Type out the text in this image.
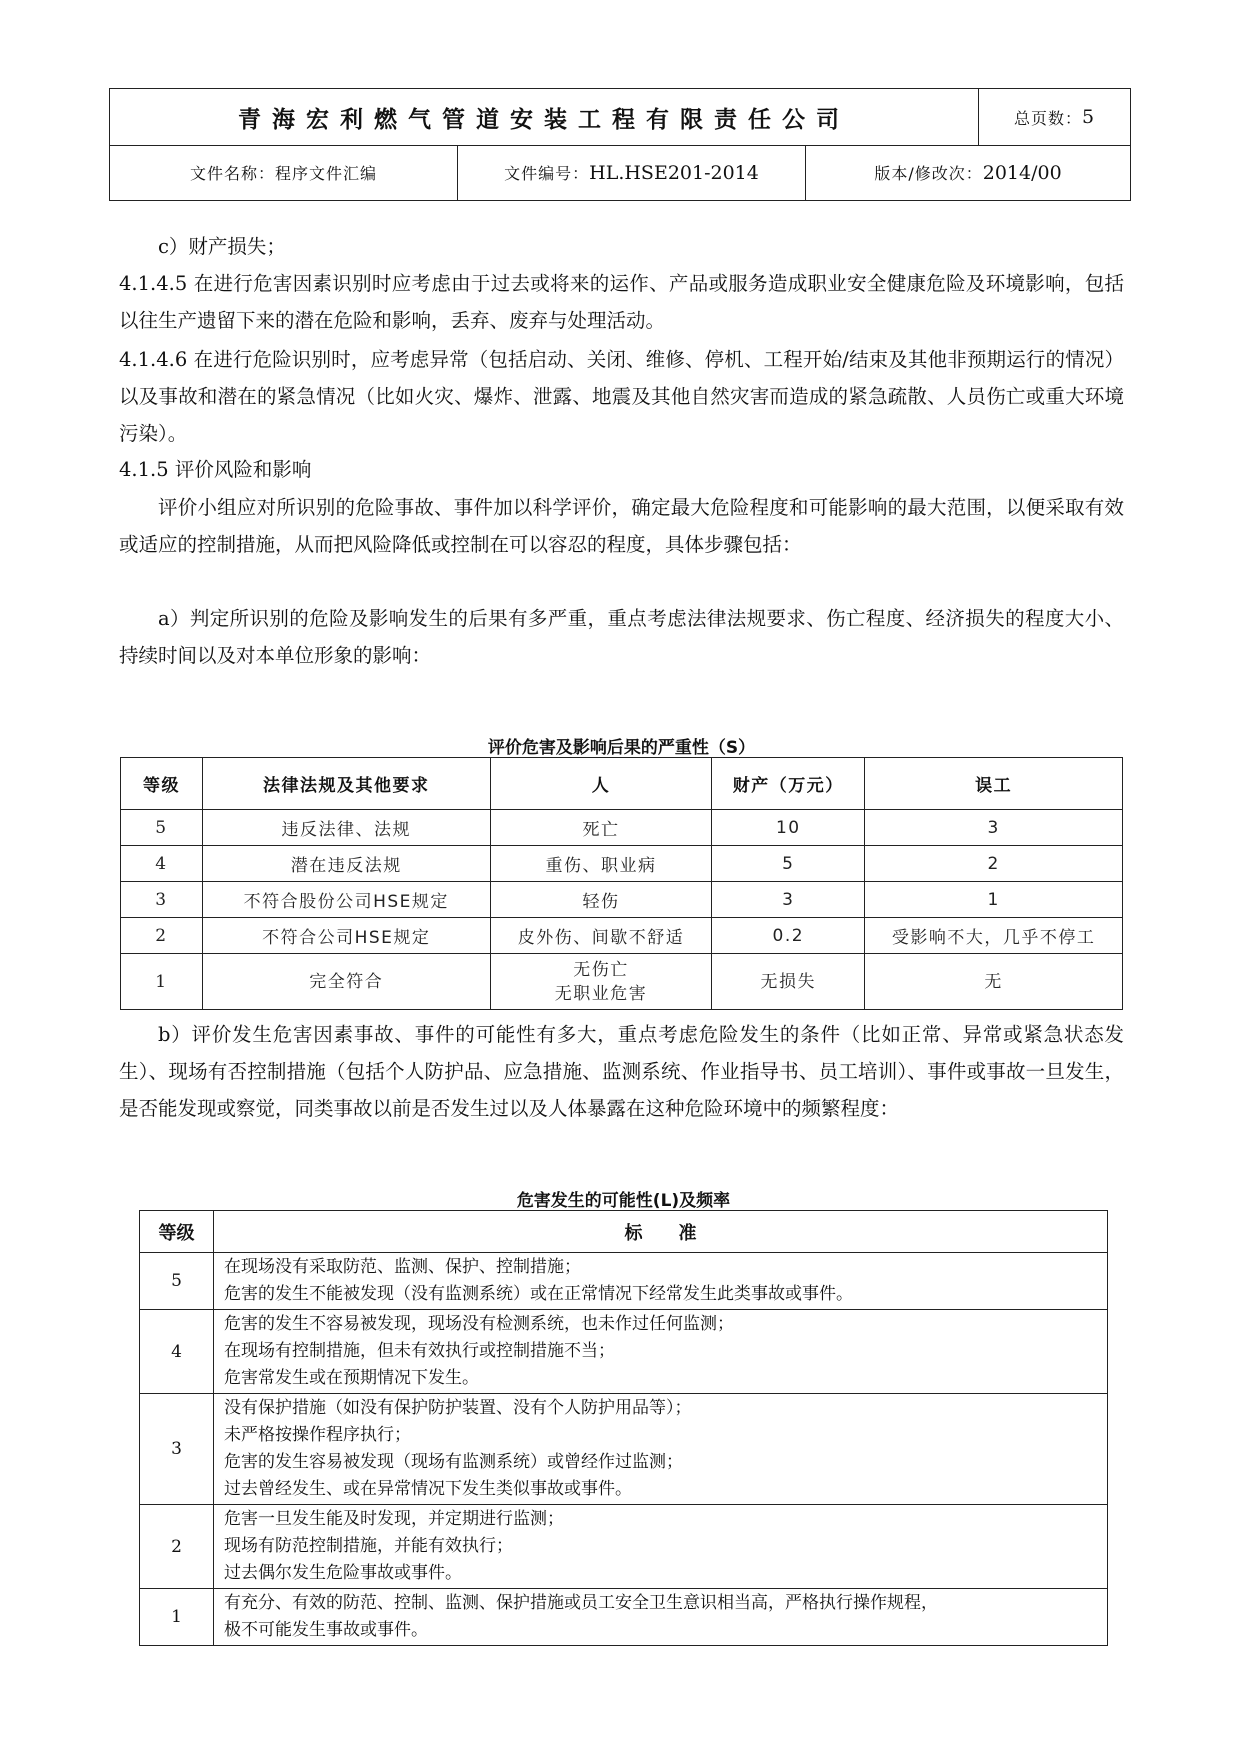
青海宏利燃气管道安装工程有限责任公司	总页数： 5
文件名称： 程序文件汇编	文件编号： HL.HSE201-2014	版本/修改次： 2014/00

c）财产损失；

4.1.4.5 在进行危害因素识别时应考虑由于过去或将来的运作、产品或服务造成职业安全健康危险及环境影响，包括以往生产遗留下来的潜在危险和影响，丢弃、废弃与处理活动。

4.1.4.6 在进行危险识别时，应考虑异常（包括启动、关闭、维修、停机、工程开始/结束及其他非预期运行的情况）以及事故和潜在的紧急情况（比如火灾、爆炸、泄露、地震及其他自然灾害而造成的紧急疏散、人员伤亡或重大环境污染）。

4.1.5 评价风险和影响

评价小组应对所识别的危险事故、事件加以科学评价，确定最大危险程度和可能影响的最大范围，以便采取有效或适应的控制措施，从而把风险降低或控制在可以容忍的程度，具体步骤包括：

a）判定所识别的危险及影响发生的后果有多严重，重点考虑法律法规要求、伤亡程度、经济损失的程度大小、持续时间以及对本单位形象的影响：

评价危害及影响后果的严重性（S）
等级	法律法规及其他要求	人	财产（万元）	误工
5	违反法律、法规	死亡	10	3
4	潜在违反法规	重伤、职业病	5	2
3	不符合股份公司HSE规定	轻伤	3	1
2	不符合公司HSE规定	皮外伤、间歇不舒适	0.2	受影响不大，几乎不停工
1	完全符合	无伤亡
无职业危害	无损失	无

b）评价发生危害因素事故、事件的可能性有多大，重点考虑危险发生的条件（比如正常、异常或紧急状态发生）、现场有否控制措施（包括个人防护品、应急措施、监测系统、作业指导书、员工培训）、事件或事故一旦发生，是否能发现或察觉，同类事故以前是否发生过以及人体暴露在这种危险环境中的频繁程度：

危害发生的可能性(L)及频率
等级	标　　准
5	在现场没有采取防范、监测、保护、控制措施；
危害的发生不能被发现（没有监测系统）或在正常情况下经常发生此类事故或事件。

4	危害的发生不容易被发现，现场没有检测系统，也未作过任何监测；
在现场有控制措施，但未有效执行或控制措施不当；
危害常发生或在预期情况下发生。

3	没有保护措施（如没有保护防护装置、没有个人防护用品等）；
未严格按操作程序执行；
危害的发生容易被发现（现场有监测系统）或曾经作过监测；
过去曾经发生、或在异常情况下发生类似事故或事件。

2	危害一旦发生能及时发现，并定期进行监测；
现场有防范控制措施，并能有效执行；
过去偶尔发生危险事故或事件。

1	有充分、有效的防范、控制、监测、保护措施或员工安全卫生意识相当高，严格执行操作规程，
极不可能发生事故或事件。
